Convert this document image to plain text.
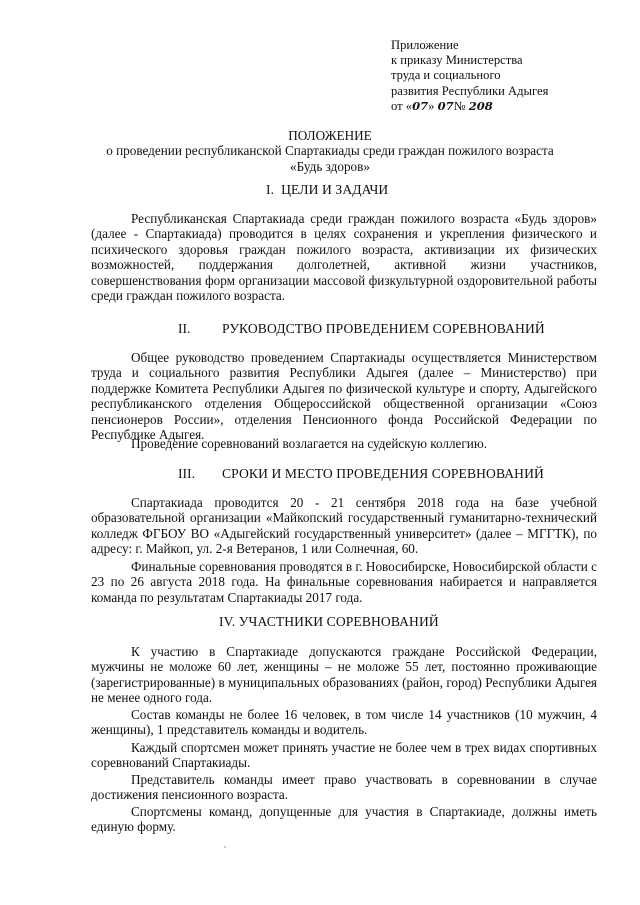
Приложение
к приказу Министерства
труда и социального
развития Республики Адыгея
от «07» 07№ 208
ПОЛОЖЕНИЕ
о проведении республиканской Спартакиады среди граждан пожилого возраста «Будь здоров»
I. ЦЕЛИ И ЗАДАЧИ
Республиканская Спартакиада среди граждан пожилого возраста «Будь здоров» (далее - Спартакиада) проводится в целях сохранения и укрепления физического и психического здоровья граждан пожилого возраста, активизации их физических возможностей, поддержания долголетней, активной жизни участников, совершенствования форм организации массовой физкультурной оздоровительной работы среди граждан пожилого возраста.
II. РУКОВОДСТВО ПРОВЕДЕНИЕМ СОРЕВНОВАНИЙ
Общее руководство проведением Спартакиады осуществляется Министерством труда и социального развития Республики Адыгея (далее – Министерство) при поддержке Комитета Республики Адыгея по физической культуре и спорту, Адыгейского республиканского отделения Общероссийской общественной организации «Союз пенсионеров России», отделения Пенсионного фонда Российской Федерации по Республике Адыгея.
Проведение соревнований возлагается на судейскую коллегию.
III. СРОКИ И МЕСТО ПРОВЕДЕНИЯ СОРЕВНОВАНИЙ
Спартакиада проводится 20 - 21 сентября 2018 года на базе учебной образовательной организации «Майкопский государственный гуманитарно-технический колледж ФГБОУ ВО «Адыгейский государственный университет» (далее – МГГТК), по адресу: г. Майкоп, ул. 2-я Ветеранов, 1 или Солнечная, 60.
Финальные соревнования проводятся в г. Новосибирске, Новосибирской области с 23 по 26 августа 2018 года. На финальные соревнования набирается и направляется команда по результатам Спартакиады 2017 года.
IV. УЧАСТНИКИ СОРЕВНОВАНИЙ
К участию в Спартакиаде допускаются граждане Российской Федерации, мужчины не моложе 60 лет, женщины – не моложе 55 лет, постоянно проживающие (зарегистрированные) в муниципальных образованиях (район, город) Республики Адыгея не менее одного года.
Состав команды не более 16 человек, в том числе 14 участников (10 мужчин, 4 женщины), 1 представитель команды и водитель.
Каждый спортсмен может принять участие не более чем в трех видах спортивных соревнований Спартакиады.
Представитель команды имеет право участвовать в соревновании в случае достижения пенсионного возраста.
Спортсмены команд, допущенные для участия в Спартакиаде, должны иметь единую форму.
